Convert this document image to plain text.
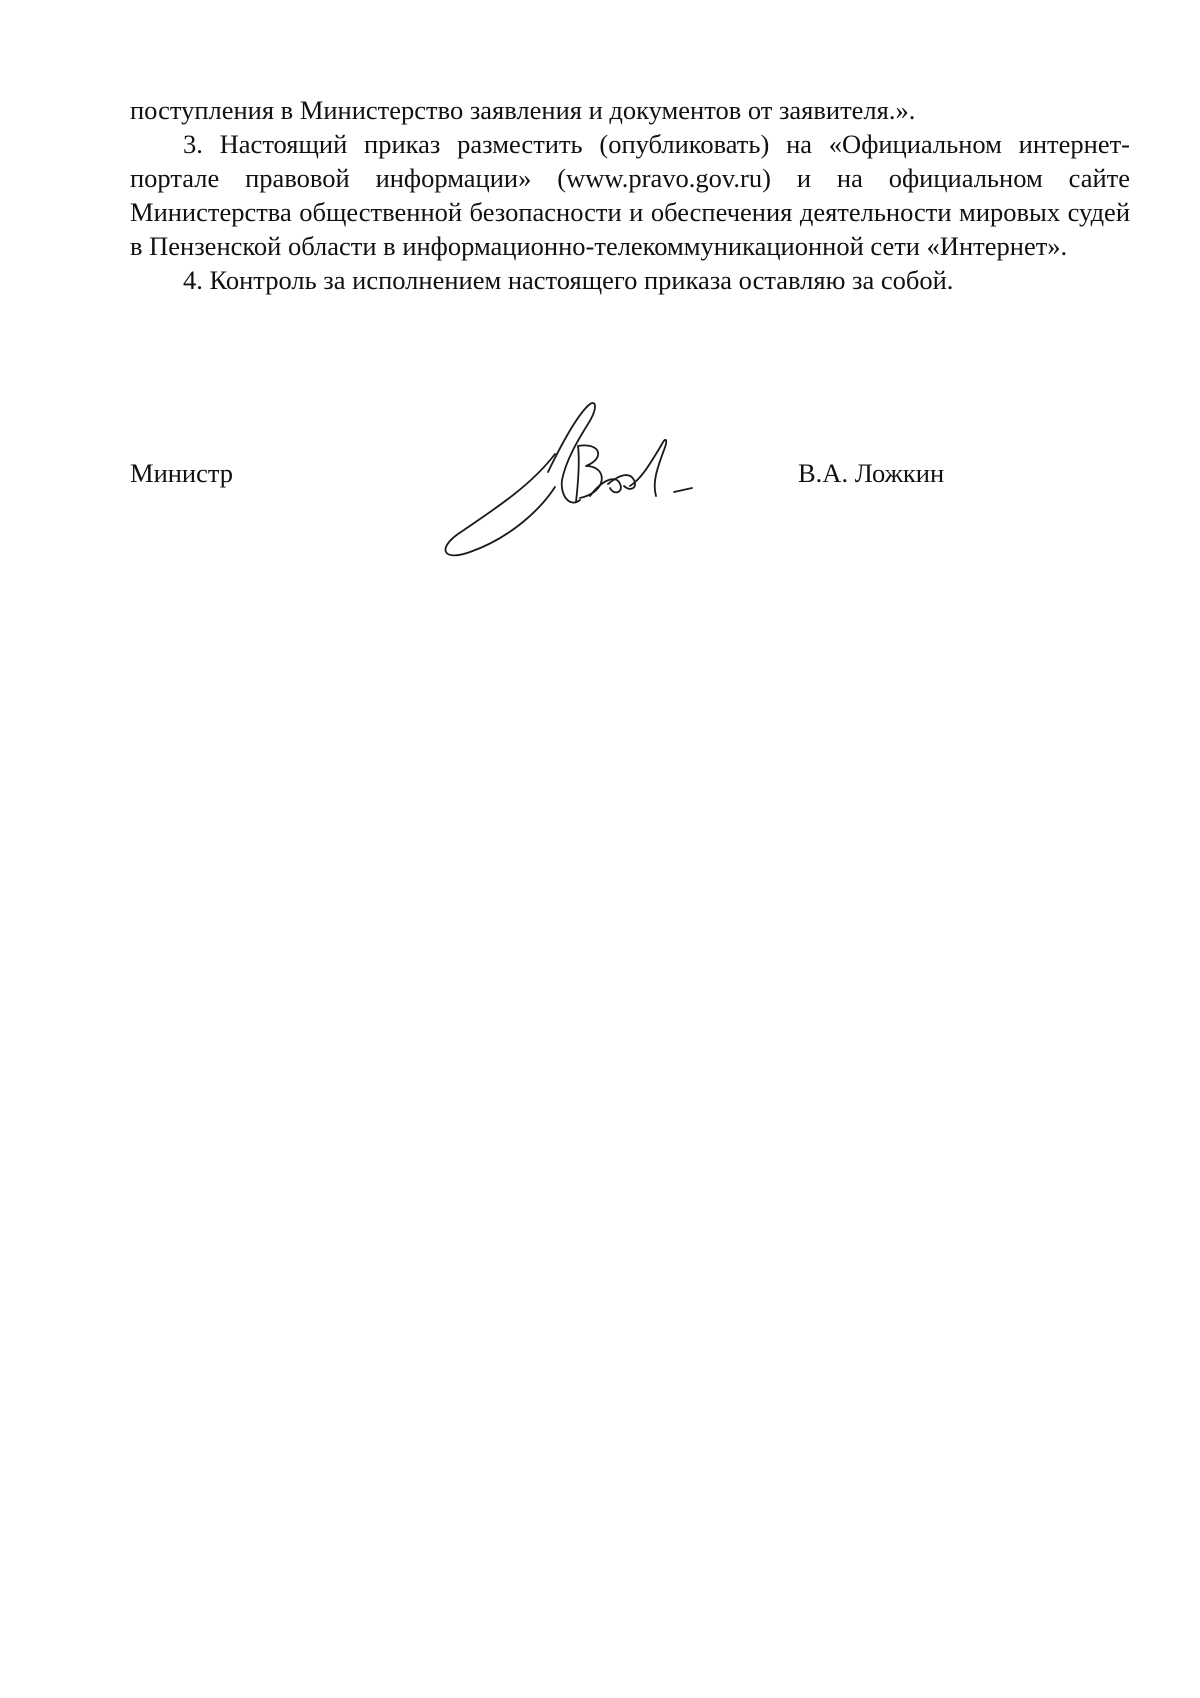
поступления в Министерство заявления и документов от заявителя.».

3. Настоящий приказ разместить (опубликовать) на «Официальном интернет-портале правовой информации» (www.pravo.gov.ru) и на официальном сайте Министерства общественной безопасности и обеспечения деятельности мировых судей в Пензенской области в информационно-телекоммуникационной сети «Интернет».

4. Контроль за исполнением настоящего приказа оставляю за собой.

Министр	В.А. Ложкин
